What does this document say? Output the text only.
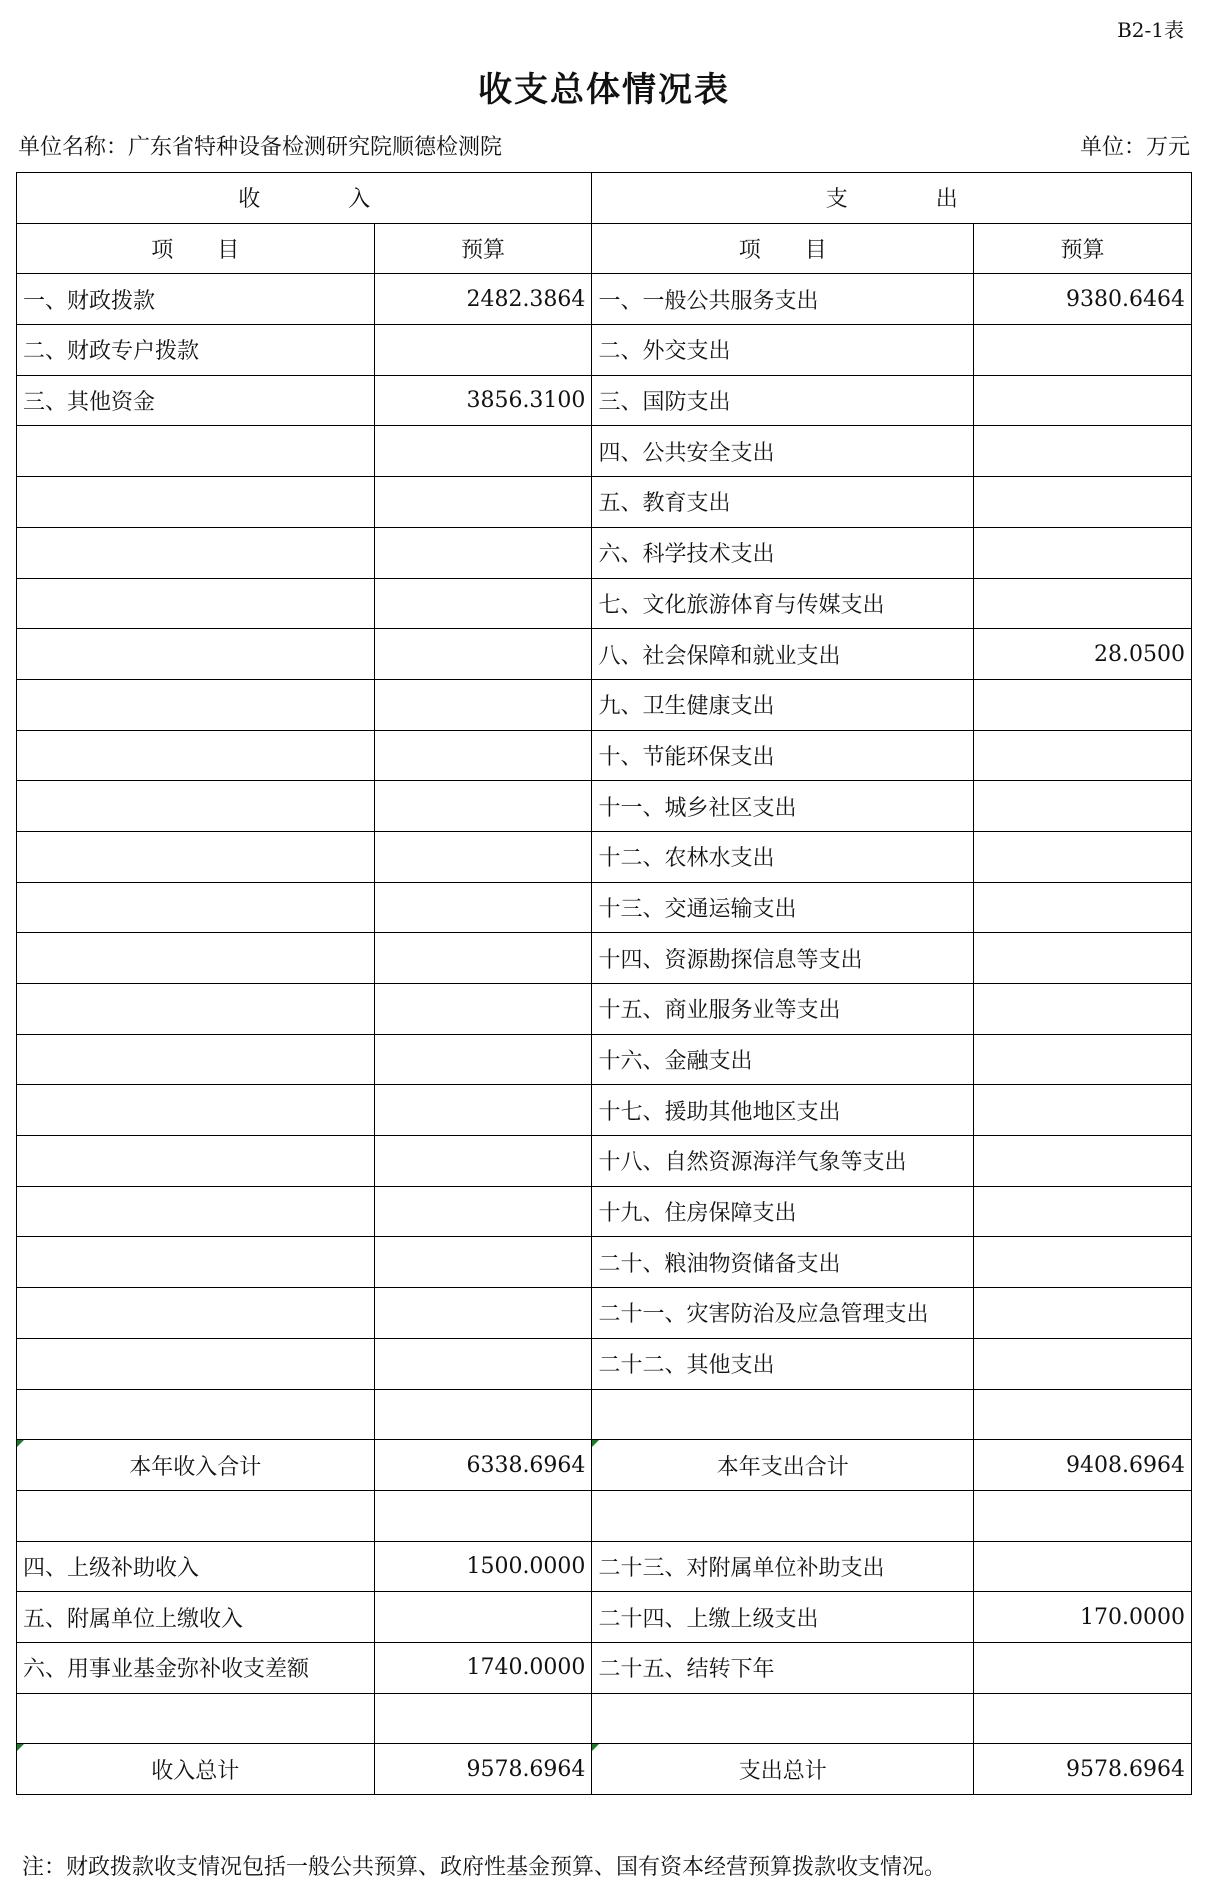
B2-1表
收支总体情况表
单位名称：广东省特种设备检测研究院顺德检测院	单位：万元
收　　　　入		支　　　　出	
项　　目	预算	项　　目	预算
一、财政拨款	2482.3864	一、一般公共服务支出	9380.6464
二、财政专户拨款		二、外交支出	
三、其他资金	3856.3100	三、国防支出	
		四、公共安全支出	
		五、教育支出	
		六、科学技术支出	
		七、文化旅游体育与传媒支出	
		八、社会保障和就业支出	28.0500
		九、卫生健康支出	
		十、节能环保支出	
		十一、城乡社区支出	
		十二、农林水支出	
		十三、交通运输支出	
		十四、资源勘探信息等支出	
		十五、商业服务业等支出	
		十六、金融支出	
		十七、援助其他地区支出	
		十八、自然资源海洋气象等支出	
		十九、住房保障支出	
		二十、粮油物资储备支出	
		二十一、灾害防治及应急管理支出	
		二十二、其他支出	

本年收入合计	6338.6964	本年支出合计	9408.6964

四、上级补助收入	1500.0000	二十三、对附属单位补助支出	
五、附属单位上缴收入		二十四、上缴上级支出	170.0000
六、用事业基金弥补收支差额	1740.0000	二十五、结转下年	

收入总计	9578.6964	支出总计	9578.6964
注：财政拨款收支情况包括一般公共预算、政府性基金预算、国有资本经营预算拨款收支情况。
